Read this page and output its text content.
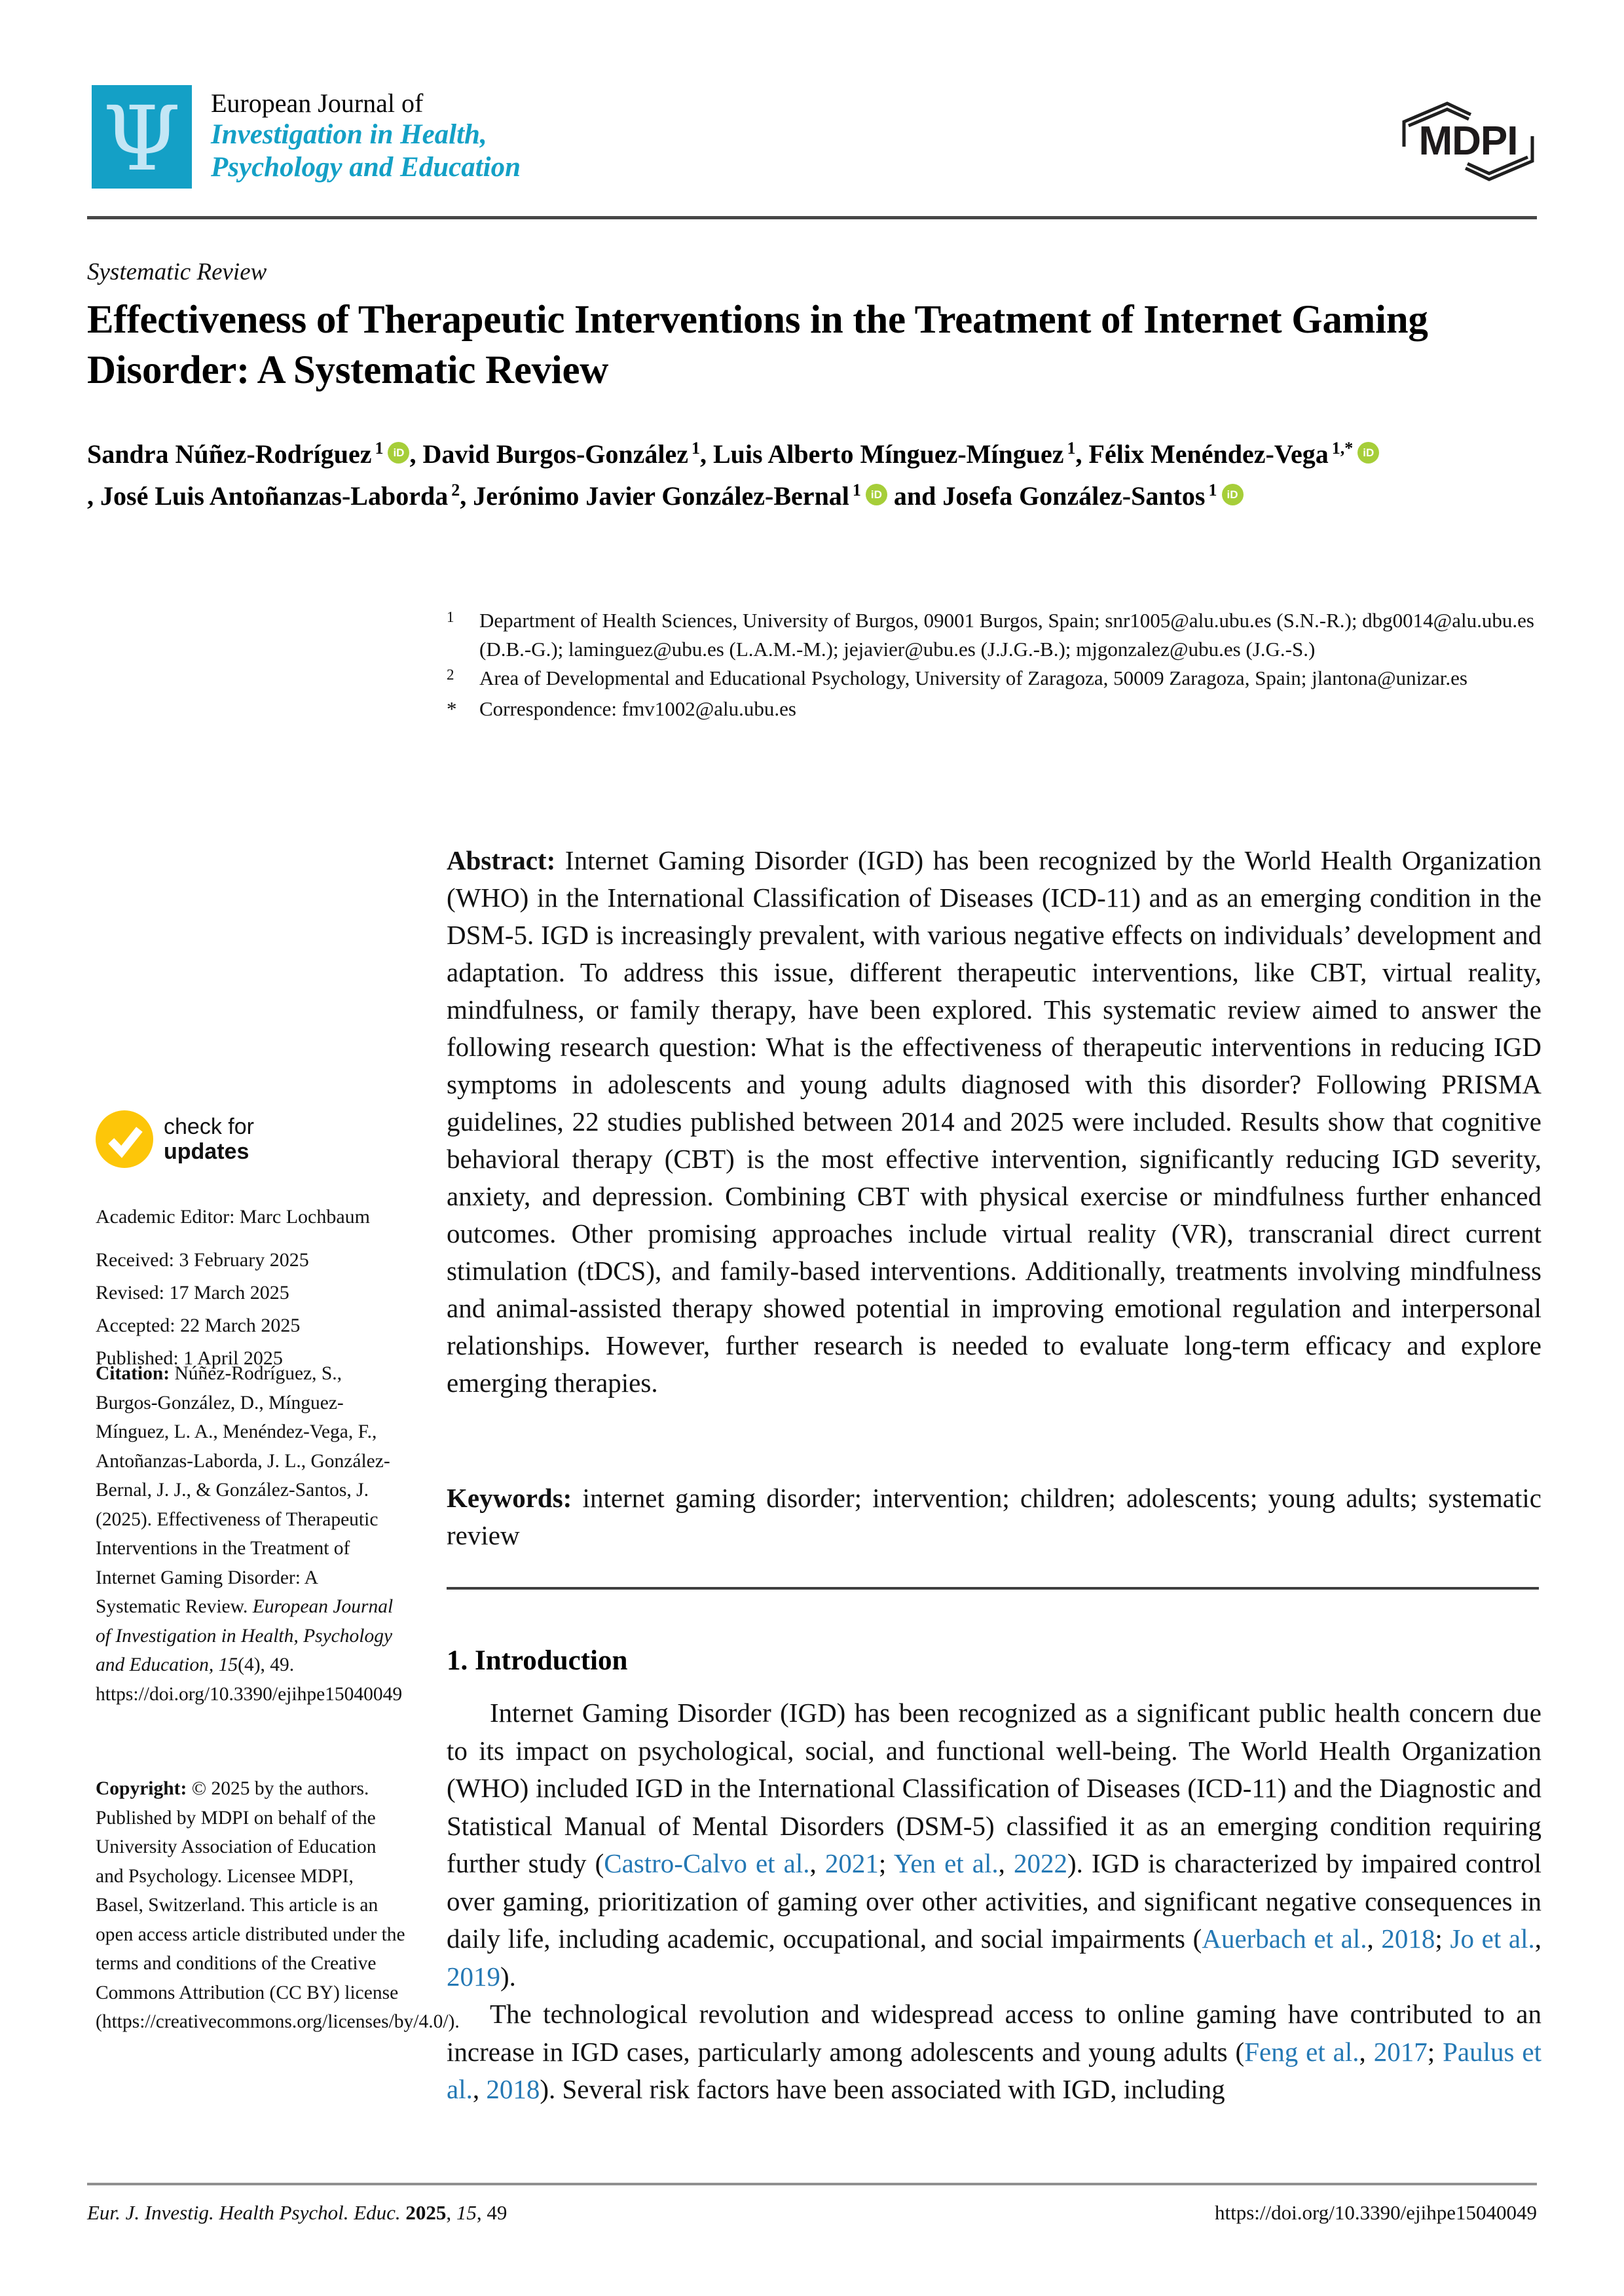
Ψ European Journal of
Investigation in Health,
Psychology and Education
MDPI
Systematic Review
Effectiveness of Therapeutic Interventions in the Treatment of Internet Gaming Disorder: A Systematic Review
Sandra Núñez-Rodríguez $^1$ iD , David Burgos-González $^1$, Luis Alberto Mínguez-Mínguez $^1$, Félix Menéndez-Vega $^{1,*}$ iD, José Luis Antoñanzas-Laborda $^2$, Jerónimo Javier González-Bernal $^1$ iD and Josefa González-Santos $^1$ iD
$^1$	Department of Health Sciences, University of Burgos, 09001 Burgos, Spain; snr1005@alu.ubu.es (S.N.-R.); dbg0014@alu.ubu.es (D.B.-G.); laminguez@ubu.es (L.A.M.-M.); jejavier@ubu.es (J.J.G.-B.); mjgonzalez@ubu.es (J.G.-S.)
$^2$	Area of Developmental and Educational Psychology, University of Zaragoza, 50009 Zaragoza, Spain; jlantona@unizar.es
*	Correspondence: fmv1002@alu.ubu.es

Abstract: Internet Gaming Disorder (IGD) has been recognized by the World Health Organization (WHO) in the International Classification of Diseases (ICD-11) and as an emerging condition in the DSM-5. IGD is increasingly prevalent, with various negative effects on individuals’ development and adaptation. To address this issue, different therapeutic interventions, like CBT, virtual reality, mindfulness, or family therapy, have been explored. This systematic review aimed to answer the following research question: What is the effectiveness of therapeutic interventions in reducing IGD symptoms in adolescents and young adults diagnosed with this disorder? Following PRISMA guidelines, 22 studies published between 2014 and 2025 were included. Results show that cognitive behavioral therapy (CBT) is the most effective intervention, significantly reducing IGD severity, anxiety, and depression. Combining CBT with physical exercise or mindfulness further enhanced outcomes. Other promising approaches include virtual reality (VR), transcranial direct current stimulation (tDCS), and family-based interventions. Additionally, treatments involving mindfulness and animal-assisted therapy showed potential in improving emotional regulation and interpersonal relationships. However, further research is needed to evaluate long-term efficacy and explore emerging therapies.

Keywords: internet gaming disorder; intervention; children; adolescents; young adults; systematic review

1. Introduction

Internet Gaming Disorder (IGD) has been recognized as a significant public health concern due to its impact on psychological, social, and functional well-being. The World Health Organization (WHO) included IGD in the International Classification of Diseases (ICD-11) and the Diagnostic and Statistical Manual of Mental Disorders (DSM-5) classified it as an emerging condition requiring further study (Castro-Calvo et al., 2021; Yen et al., 2022). IGD is characterized by impaired control over gaming, prioritization of gaming over other activities, and significant negative consequences in daily life, including academic, occupational, and social impairments (Auerbach et al., 2018; Jo et al., 2019).

The technological revolution and widespread access to online gaming have contributed to an increase in IGD cases, particularly among adolescents and young adults (Feng et al., 2017; Paulus et al., 2018). Several risk factors have been associated with IGD, including

check for
updates
Academic Editor: Marc Lochbaum
Received: 3 February 2025
Revised: 17 March 2025
Accepted: 22 March 2025
Published: 1 April 2025

Citation: Núñez-Rodríguez, S., Burgos-González, D., Mínguez-Mínguez, L. A., Menéndez-Vega, F., Antoñanzas-Laborda, J. L., González-Bernal, J. J., & González-Santos, J. (2025). Effectiveness of Therapeutic Interventions in the Treatment of Internet Gaming Disorder: A Systematic Review. European Journal of Investigation in Health, Psychology and Education, 15(4), 49. https://doi.org/10.3390/ejihpe15040049

Copyright: © 2025 by the authors. Published by MDPI on behalf of the University Association of Education and Psychology. Licensee MDPI, Basel, Switzerland. This article is an open access article distributed under the terms and conditions of the Creative Commons Attribution (CC BY) license (https://creativecommons.org/licenses/by/4.0/).

Eur. J. Investig. Health Psychol. Educ. 2025, 15, 49	https://doi.org/10.3390/ejihpe15040049
